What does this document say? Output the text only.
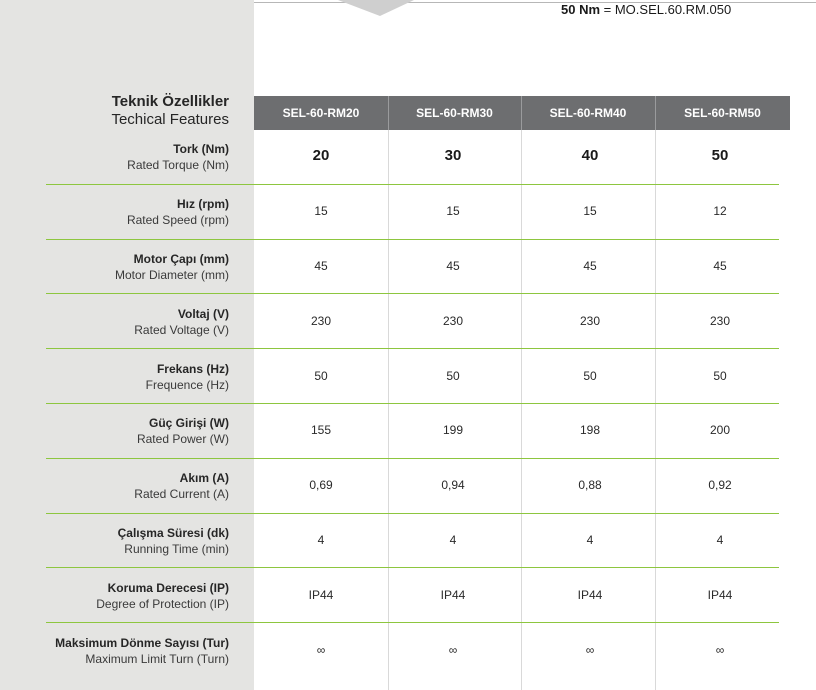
50 Nm = MO.SEL.60.RM.050
Teknik Özellikler
Techical Features	SEL-60-RM20	SEL-60-RM30	SEL-60-RM40	SEL-60-RM50
Tork (Nm)
Rated Torque (Nm)
20	30	40	50
Hız (rpm)
Rated Speed (rpm)
15	15	15	12
Motor Çapı (mm)
Motor Diameter (mm)
45	45	45	45
Voltaj (V)
Rated Voltage (V)
230	230	230	230
Frekans (Hz)
Frequence (Hz)
50	50	50	50
Güç Girişi (W)
Rated Power (W)
155	199	198	200
Akım (A)
Rated Current (A)
0,69	0,94	0,88	0,92
Çalışma Süresi (dk)
Running Time (min)
4	4	4	4
Koruma Derecesi (IP)
Degree of Protection (IP)
IP44	IP44	IP44	IP44
Maksimum Dönme Sayısı (Tur)
Maximum Limit Turn (Turn)
∞	∞	∞	∞
